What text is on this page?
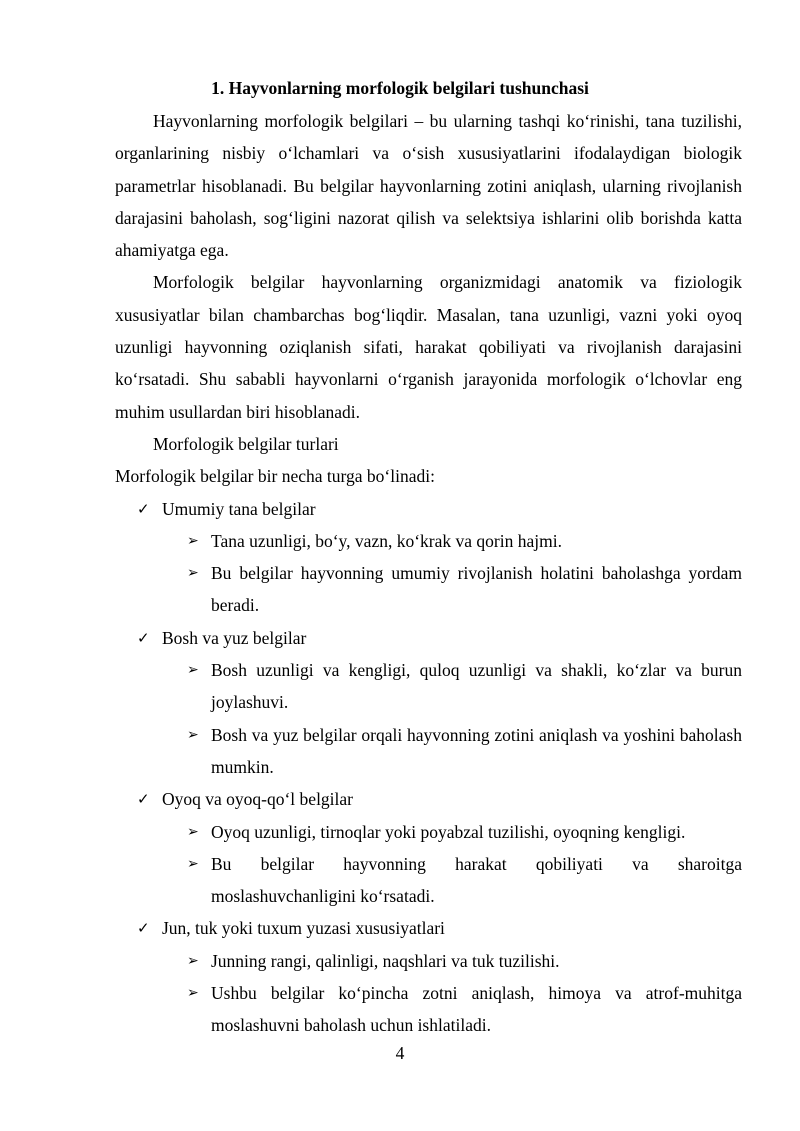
1. Hayvonlarning morfologik belgilari tushunchasi

Hayvonlarning morfologik belgilari – bu ularning tashqi ko‘rinishi, tana tuzilishi, organlarining nisbiy o‘lchamlari va o‘sish xususiyatlarini ifodalaydigan biologik parametrlar hisoblanadi. Bu belgilar hayvonlarning zotini aniqlash, ularning rivojlanish darajasini baholash, sog‘ligini nazorat qilish va selektsiya ishlarini olib borishda katta ahamiyatga ega.

Morfologik belgilar hayvonlarning organizmidagi anatomik va fiziologik xususiyatlar bilan chambarchas bog‘liqdir. Masalan, tana uzunligi, vazni yoki oyoq uzunligi hayvonning oziqlanish sifati, harakat qobiliyati va rivojlanish darajasini ko‘rsatadi. Shu sababli hayvonlarni o‘rganish jarayonida morfologik o‘lchovlar eng muhim usullardan biri hisoblanadi.

Morfologik belgilar turlari

Morfologik belgilar bir necha turga bo‘linadi:

✓ Umumiy tana belgilar

➢ Tana uzunligi, bo‘y, vazn, ko‘krak va qorin hajmi.

➢ Bu belgilar hayvonning umumiy rivojlanish holatini baholashga yordam beradi.

✓ Bosh va yuz belgilar

➢ Bosh uzunligi va kengligi, quloq uzunligi va shakli, ko‘zlar va burun joylashuvi.

➢ Bosh va yuz belgilar orqali hayvonning zotini aniqlash va yoshini baholash mumkin.

✓ Oyoq va oyoq-qo‘l belgilar

➢ Oyoq uzunligi, tirnoqlar yoki poyabzal tuzilishi, oyoqning kengligi.

➢ Bu belgilar hayvonning harakat qobiliyati va sharoitga moslashuvchanligini ko‘rsatadi.

✓ Jun, tuk yoki tuxum yuzasi xususiyatlari

➢ Junning rangi, qalinligi, naqshlari va tuk tuzilishi.

➢ Ushbu belgilar ko‘pincha zotni aniqlash, himoya va atrof-muhitga moslashuvni baholash uchun ishlatiladi.

4
